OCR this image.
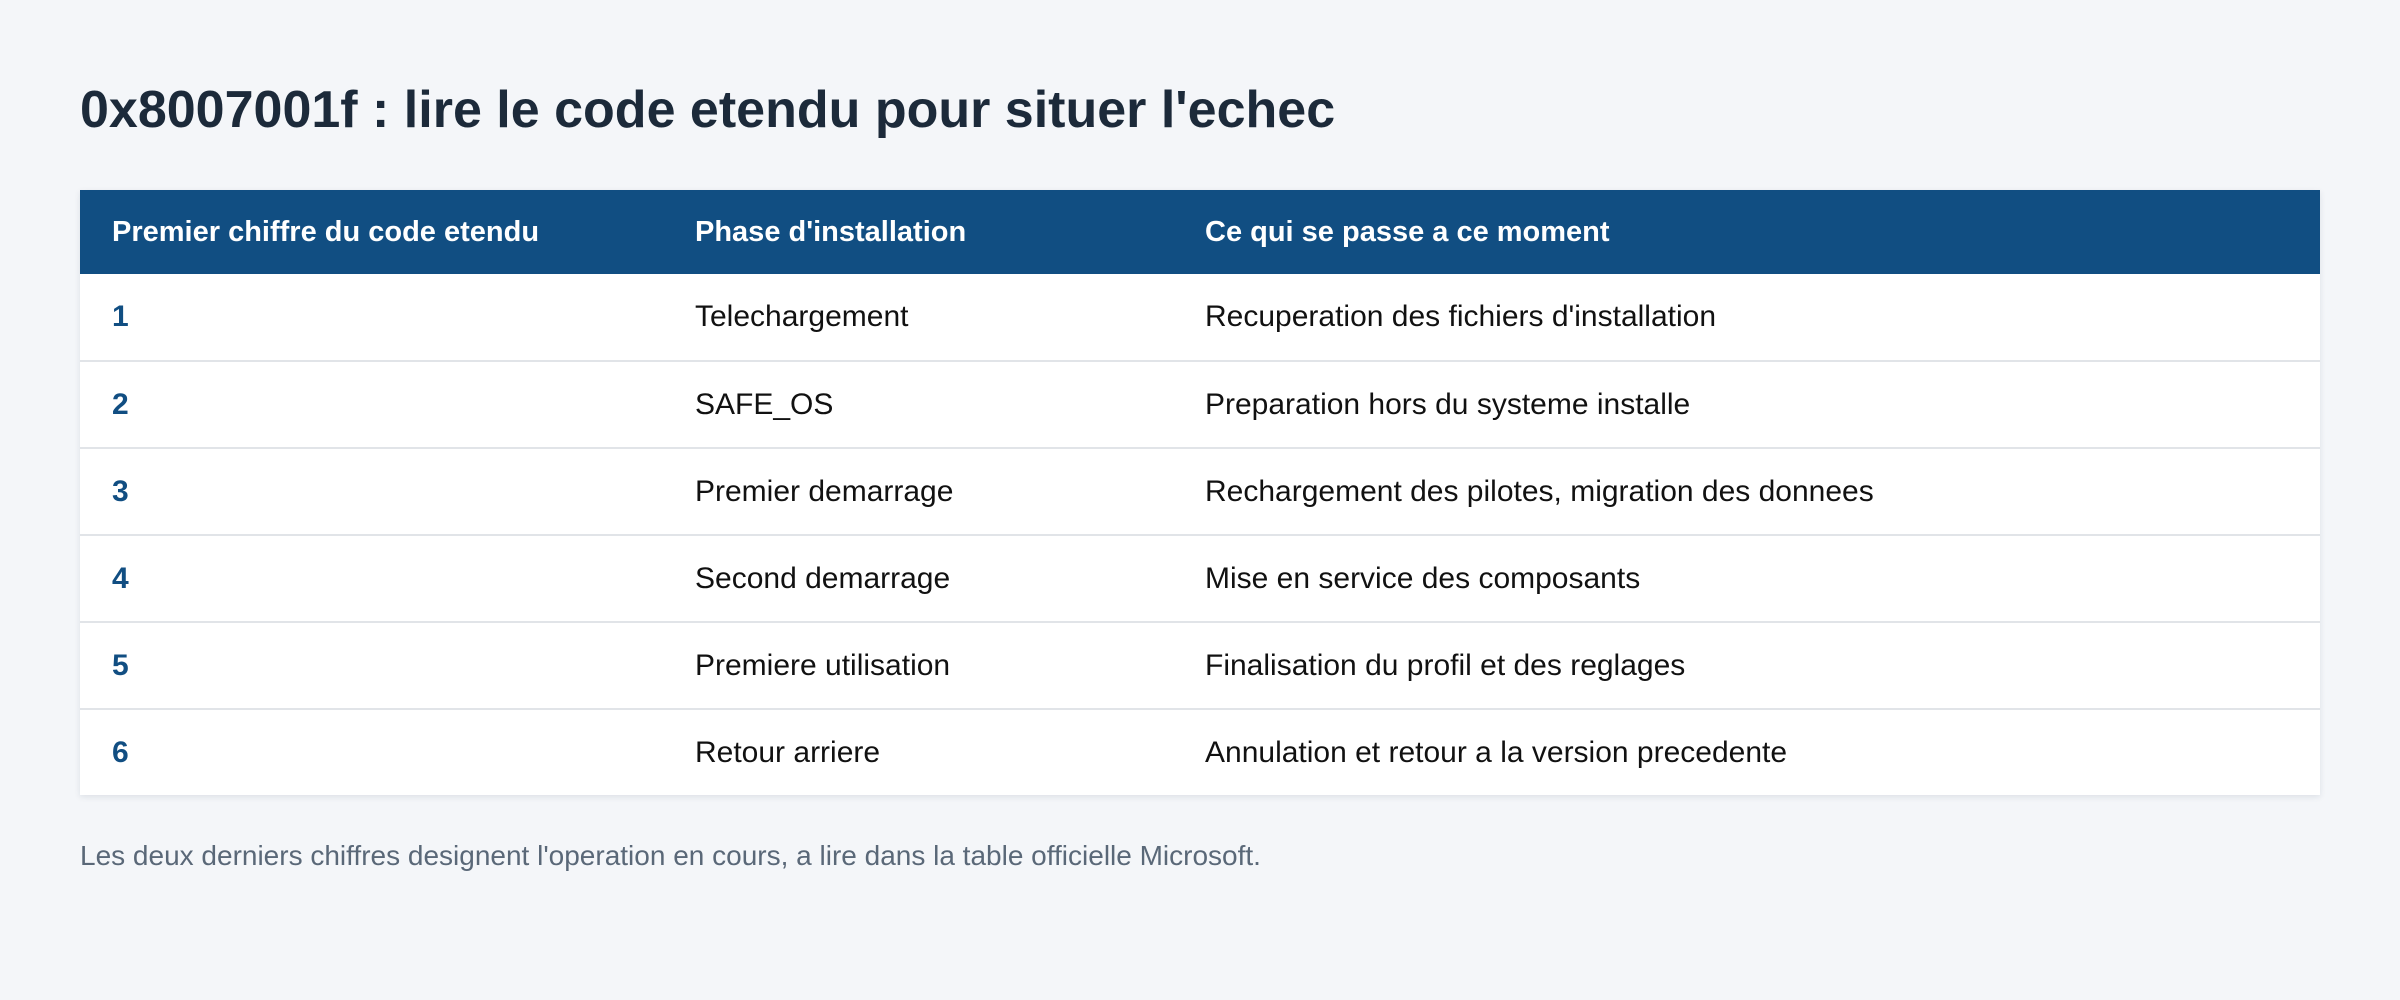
0x8007001f : lire le code etendu pour situer l'echec
Premier chiffre du code etendu	Phase d'installation	Ce qui se passe a ce moment
1	Telechargement	Recuperation des fichiers d'installation
2	SAFE_OS	Preparation hors du systeme installe
3	Premier demarrage	Rechargement des pilotes, migration des donnees
4	Second demarrage	Mise en service des composants
5	Premiere utilisation	Finalisation du profil et des reglages
6	Retour arriere	Annulation et retour a la version precedente

Les deux derniers chiffres designent l'operation en cours, a lire dans la table officielle Microsoft.
